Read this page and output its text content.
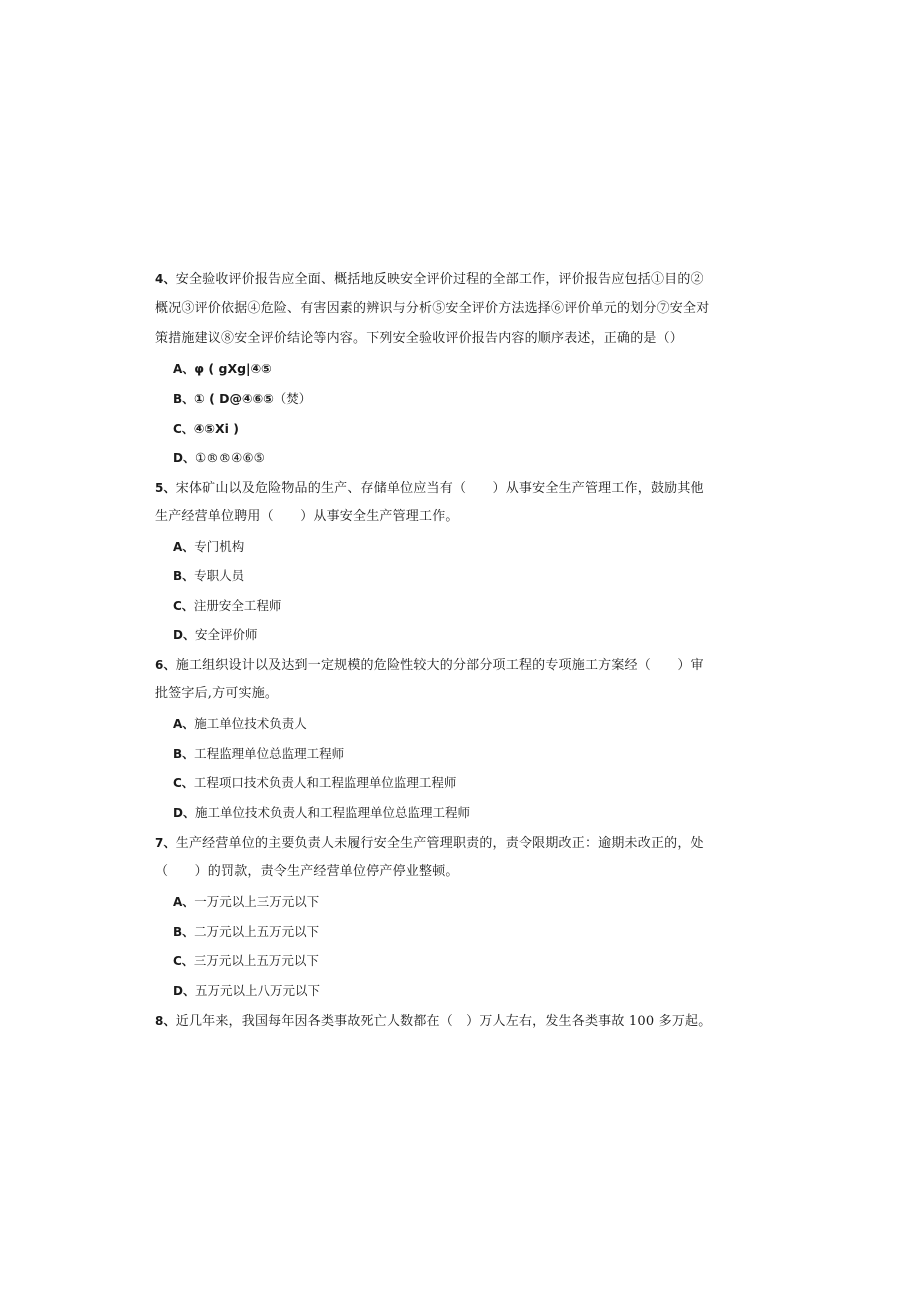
4、安全验收评价报告应全面、概括地反映安全评价过程的全部工作，评价报告应包括①目的②
概况③评价依据④危险、有害因素的辨识与分析⑤安全评价方法选择⑥评价单元的划分⑦安全对
策措施建议⑧安全评价结论等内容。下列安全验收评价报告内容的顺序表述，正确的是（）
A、φ ( gXg|④⑤
B、① ( D@④⑥⑤（焚）
C、④⑤Xi )
D、①®®④⑥⑤
5、宋体矿山以及危险物品的生产、存储单位应当有（　　）从事安全生产管理工作，鼓励其他
生产经营单位聘用（　　）从事安全生产管理工作。
A、专门机构
B、专职人员
C、注册安全工程师
D、安全评价师
6、施工组织设计以及达到一定规模的危险性较大的分部分项工程的专项施工方案经（　　）审
批签字后,方可实施。
A、施工单位技术负责人
B、工程监理单位总监理工程师
C、工程项口技术负责人和工程监理单位监理工程师
D、施工单位技术负责人和工程监理单位总监理工程师
7、生产经营单位的主要负责人未履行安全生产管理职责的，责令限期改正：逾期未改正的，处
（　　）的罚款，责令生产经营单位停产停业整顿。
A、一万元以上三万元以下
B、二万元以上五万元以下
C、三万元以上五万元以下
D、五万元以上八万元以下
8、近几年来，我国每年因各类事故死亡人数都在（　）万人左右，发生各类事故 100 多万起。
